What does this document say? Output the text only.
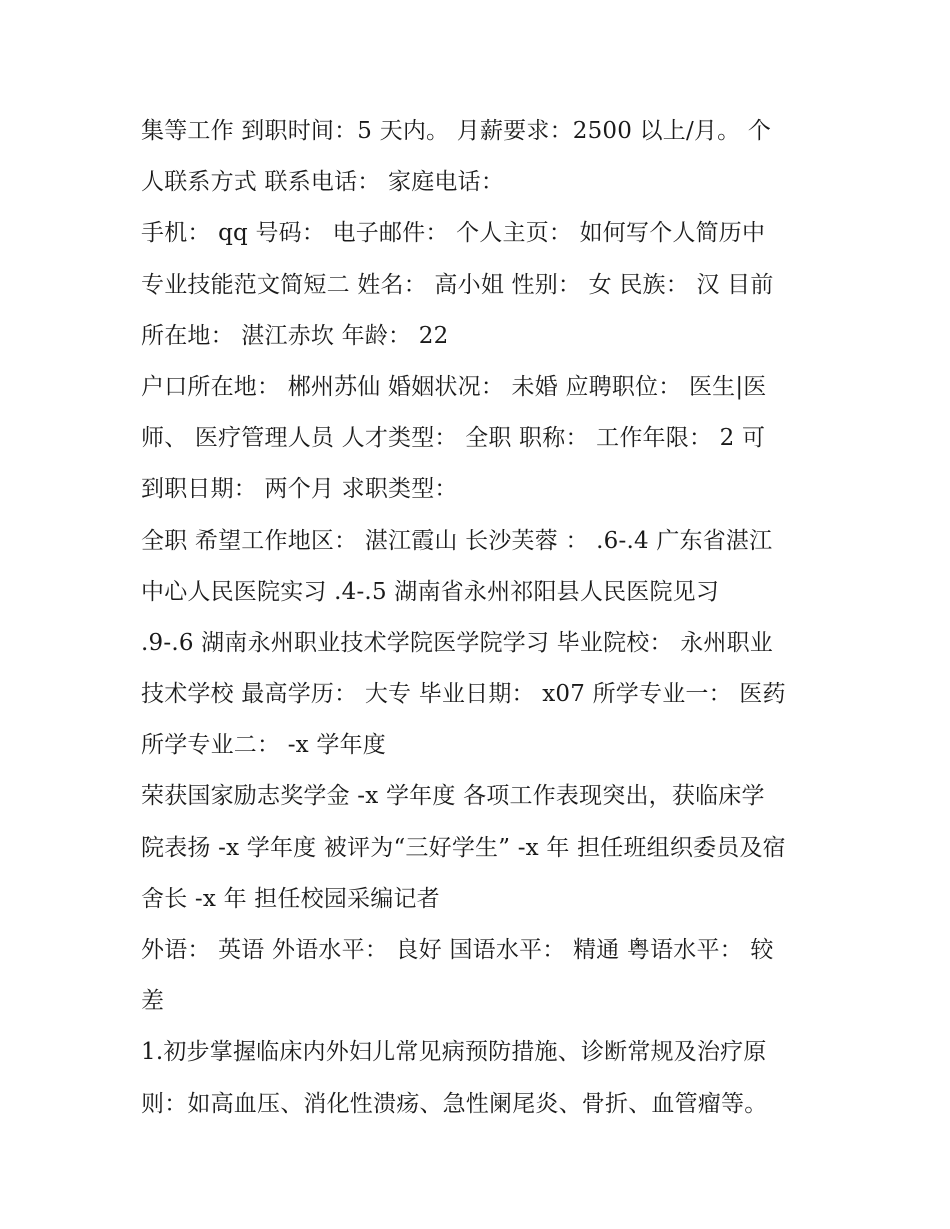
集等工作 到职时间：5 天内。 月薪要求：2500 以上/月。 个
人联系方式 联系电话： 家庭电话：
手机： qq 号码： 电子邮件： 个人主页： 如何写个人简历中
专业技能范文简短二 姓名： 高小姐 性别： 女 民族： 汉 目前
所在地： 湛江赤坎 年龄： 22
户口所在地： 郴州苏仙 婚姻状况： 未婚 应聘职位： 医生|医
师、 医疗管理人员 人才类型： 全职 职称： 工作年限： 2 可
到职日期： 两个月 求职类型：
全职 希望工作地区： 湛江霞山 长沙芙蓉 ： .6-.4 广东省湛江
中心人民医院实习 .4-.5 湖南省永州祁阳县人民医院见习
.9-.6 湖南永州职业技术学院医学院学习 毕业院校： 永州职业
技术学校 最高学历： 大专 毕业日期： x07 所学专业一： 医药
所学专业二： -x 学年度
荣获国家励志奖学金 -x 学年度 各项工作表现突出，获临床学
院表扬 -x 学年度 被评为“三好学生” -x 年 担任班组织委员及宿
舍长 -x 年 担任校园采编记者
外语： 英语 外语水平： 良好 国语水平： 精通 粤语水平： 较
差
1.初步掌握临床内外妇儿常见病预防措施、诊断常规及治疗原
则：如高血压、消化性溃疡、急性阑尾炎、骨折、血管瘤等。
